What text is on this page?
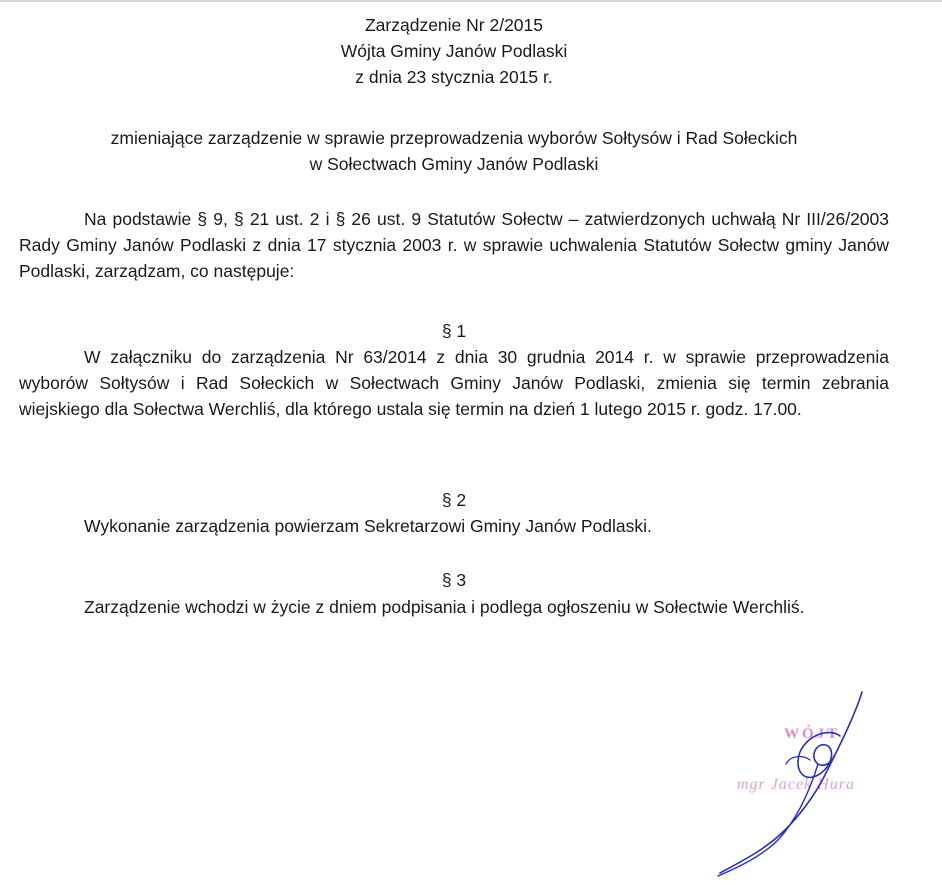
Zarządzenie Nr 2/2015
Wójta Gminy Janów Podlaski
z dnia 23 stycznia 2015 r.
zmieniające zarządzenie w sprawie przeprowadzenia wyborów Sołtysów i Rad Sołeckich
w Sołectwach Gminy Janów Podlaski
Na podstawie § 9, § 21 ust. 2 i § 26 ust. 9 Statutów Sołectw – zatwierdzonych uchwałą Nr III/26/2003 Rady Gminy Janów Podlaski z dnia 17 stycznia 2003 r. w sprawie uchwalenia Statutów Sołectw gminy Janów Podlaski, zarządzam, co następuje:
§ 1
W załączniku do zarządzenia Nr 63/2014 z dnia 30 grudnia 2014 r. w sprawie przeprowadzenia wyborów Sołtysów i Rad Sołeckich w Sołectwach Gminy Janów Podlaski, zmienia się termin zebrania wiejskiego dla Sołectwa Werchliś, dla którego ustala się termin na dzień 1 lutego 2015 r. godz. 17.00.
§ 2
Wykonanie zarządzenia powierzam Sekretarzowi Gminy Janów Podlaski.
§ 3
Zarządzenie wchodzi w życie z dniem podpisania i podlega ogłoszeniu w Sołectwie Werchliś.
WÓJT
mgr Jacek Hura
